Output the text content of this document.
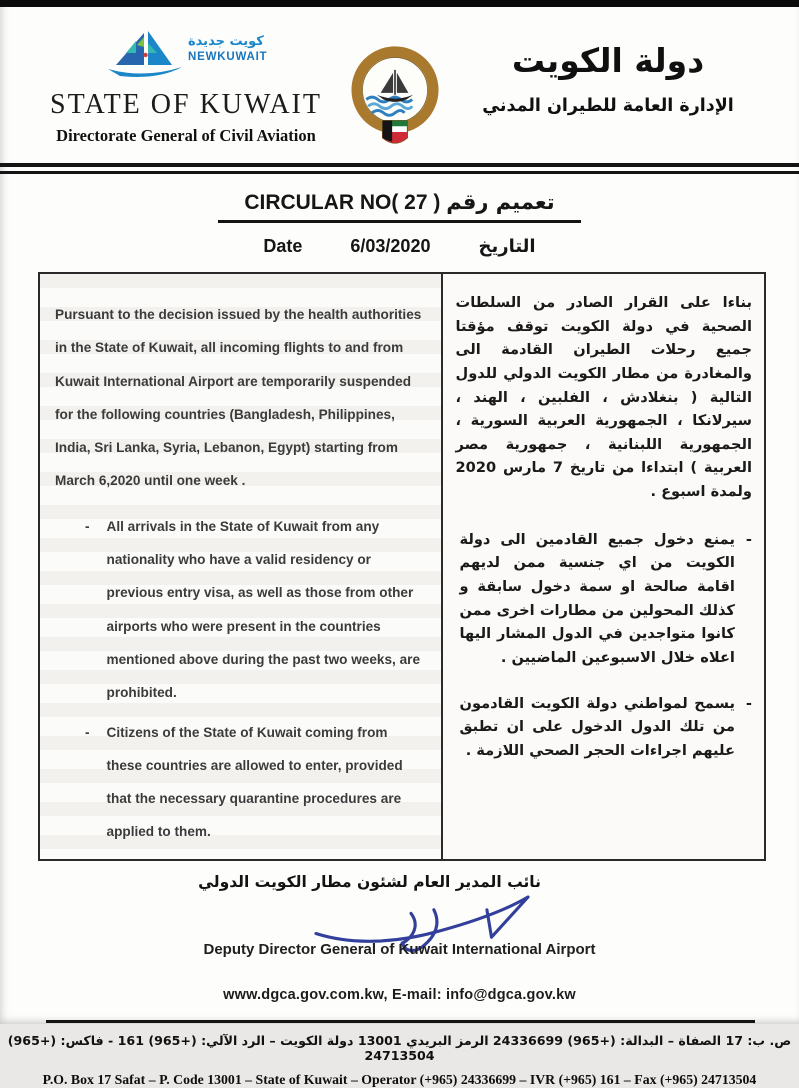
كويت جديدة
NEWKUWAIT
STATE OF KUWAIT
Directorate General of Civil Aviation
دولة الكويت
الإدارة العامة للطيران المدني
CIRCULAR NO( 27 ) تعميم رقم
Date	6/03/2020	التاريخ
Pursuant to the decision issued by the health authorities in the State of Kuwait, all incoming flights to and from Kuwait International Airport are temporarily suspended for the following countries (Bangladesh, Philippines, India, Sri Lanka, Syria, Lebanon, Egypt) starting from March 6,2020 until one week .
- All arrivals in the State of Kuwait from any nationality who have a valid residency or previous entry visa, as well as those from other airports who were present in the countries mentioned above during the past two weeks, are prohibited.
- Citizens of the State of Kuwait coming from these countries are allowed to enter, provided that the necessary quarantine procedures are applied to them.
بناءا على القرار الصادر من السلطات الصحية في دولة الكويت توقف مؤقتا جميع رحلات الطيران القادمة الى والمغادرة من مطار الكويت الدولي للدول التالية ( بنغلادش ، الفلبين ، الهند ، سيرلانكا ، الجمهورية العربية السورية ، الجمهورية اللبنانية ، جمهورية مصر العربية ) ابتداءا من تاريخ 7 مارس 2020 ولمدة اسبوع .
-
يمنع دخول جميع القادمين الى دولة الكويت من اي جنسية ممن لديهم اقامة صالحة او سمة دخول سابقة و كذلك المحولين من مطارات اخرى ممن كانوا متواجدين في الدول المشار اليها اعلاه خلال الاسبوعين الماضيين .
-
يسمح لمواطني دولة الكويت القادمون من تلك الدول الدخول على ان تطبق عليهم اجراءات الحجر الصحي اللازمة .
نائب المدير العام لشئون مطار الكويت الدولي
Deputy Director General of Kuwait International Airport
www.dgca.gov.com.kw, E-mail: info@dgca.gov.kw
ص. ب: 17 الصفاة – البدالة: (+965) 24336699 الرمز البريدي 13001 دولة الكويت – الرد الآلي: (+965) 161 - فاكس: (+965) 24713504
P.O. Box 17 Safat – P. Code 13001 – State of Kuwait – Operator (+965) 24336699 – IVR (+965) 161 – Fax (+965) 24713504
